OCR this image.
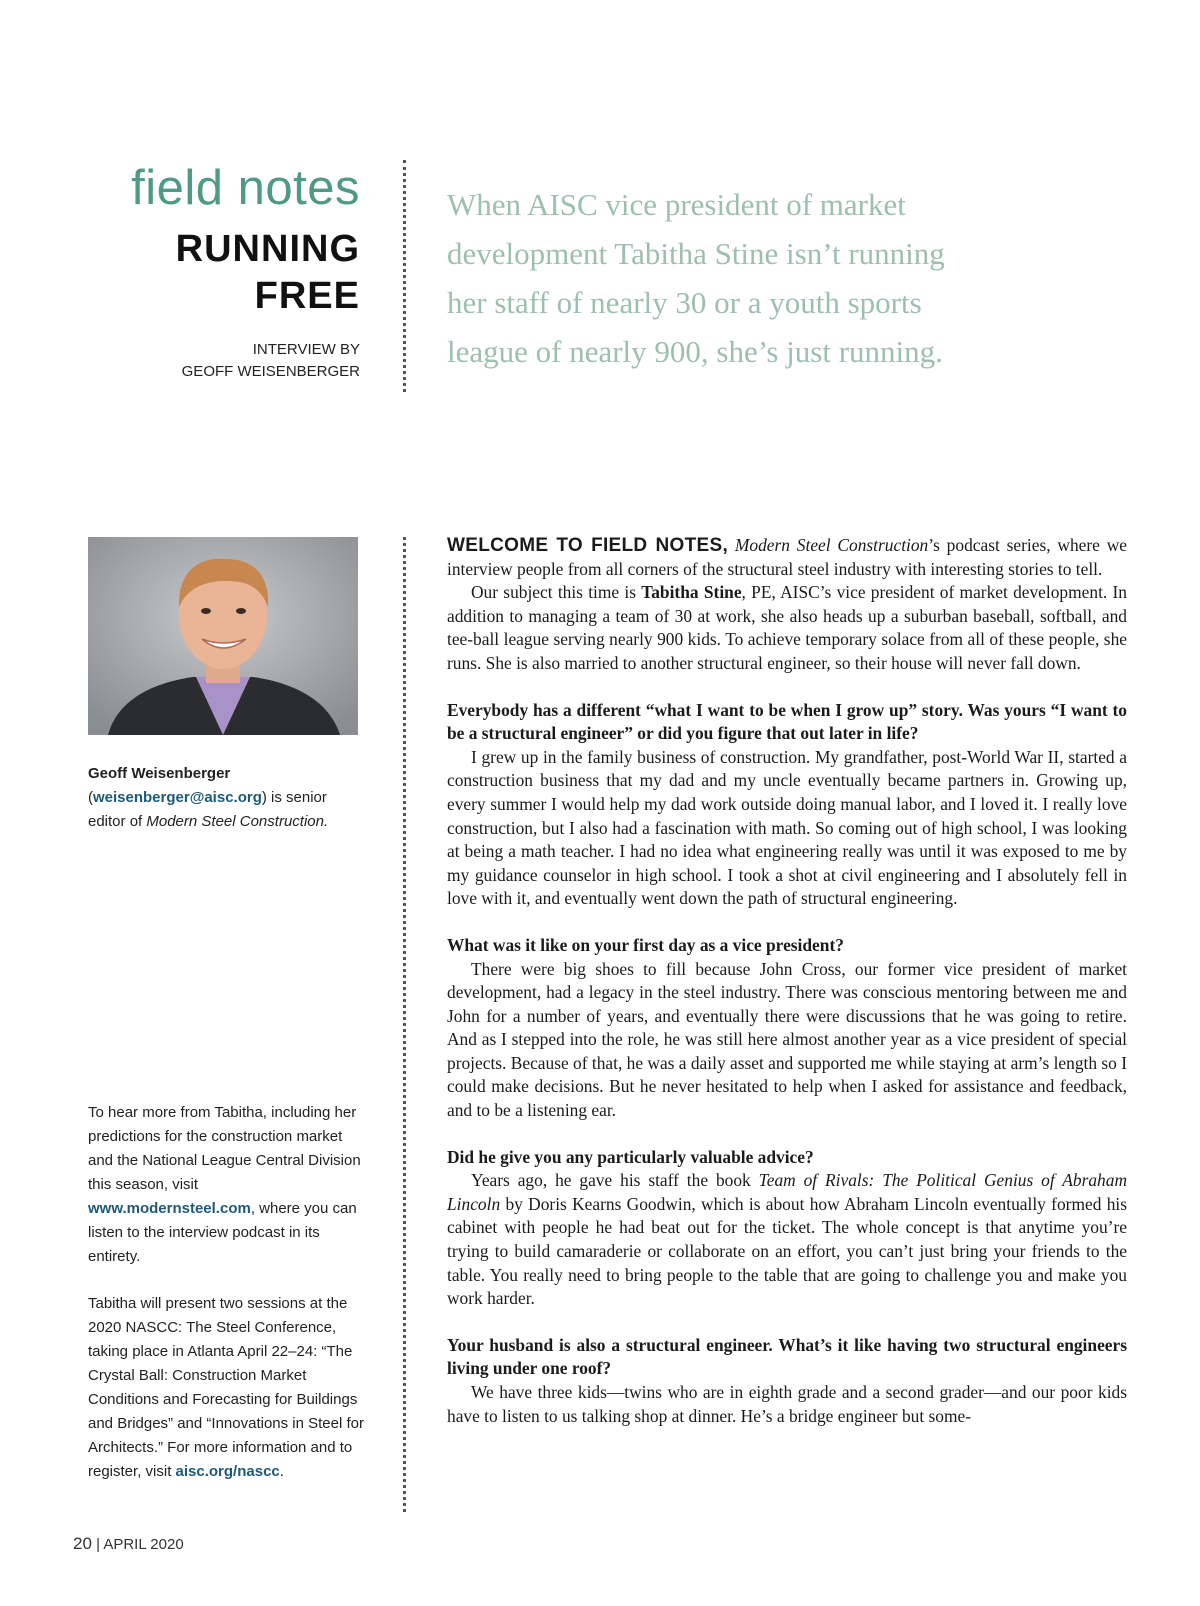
field notes
RUNNING
FREE
INTERVIEW BY
GEOFF WEISENBERGER
When AISC vice president of market development Tabitha Stine isn’t running her staff of nearly 30 or a youth sports league of nearly 900, she’s just running.
Geoff Weisenberger
(weisenberger@aisc.org) is senior editor of Modern Steel Construction.
To hear more from Tabitha, including her predictions for the construction market and the National League Central Division this season, visit www.modernsteel.com, where you can listen to the interview podcast in its entirety.
Tabitha will present two sessions at the 2020 NASCC: The Steel Conference, taking place in Atlanta April 22–24: “The Crystal Ball: Construction Market Conditions and Forecasting for Buildings and Bridges” and “Innovations in Steel for Architects.” For more information and to register, visit aisc.org/nascc.

WELCOME TO FIELD NOTES, Modern Steel Construction’s podcast series, where we interview people from all corners of the structural steel industry with interesting stories to tell.

Our subject this time is Tabitha Stine, PE, AISC’s vice president of market development. In addition to managing a team of 30 at work, she also heads up a suburban baseball, softball, and tee-ball league serving nearly 900 kids. To achieve temporary solace from all of these people, she runs. She is also married to another structural engineer, so their house will never fall down.

Everybody has a different “what I want to be when I grow up” story. Was yours “I want to be a structural engineer” or did you figure that out later in life?

I grew up in the family business of construction. My grandfather, post-World War II, started a construction business that my dad and my uncle eventually became partners in. Growing up, every summer I would help my dad work outside doing manual labor, and I loved it. I really love construction, but I also had a fascination with math. So coming out of high school, I was looking at being a math teacher. I had no idea what engineering really was until it was exposed to me by my guidance counselor in high school. I took a shot at civil engineering and I absolutely fell in love with it, and eventually went down the path of structural engineering.

What was it like on your first day as a vice president?

There were big shoes to fill because John Cross, our former vice president of market development, had a legacy in the steel industry. There was conscious mentoring between me and John for a number of years, and eventually there were discussions that he was going to retire. And as I stepped into the role, he was still here almost another year as a vice president of special projects. Because of that, he was a daily asset and supported me while staying at arm’s length so I could make decisions. But he never hesitated to help when I asked for assistance and feedback, and to be a listening ear.

Did he give you any particularly valuable advice?

Years ago, he gave his staff the book Team of Rivals: The Political Genius of Abraham Lincoln by Doris Kearns Goodwin, which is about how Abraham Lincoln eventually formed his cabinet with people he had beat out for the ticket. The whole concept is that anytime you’re trying to build camaraderie or collaborate on an effort, you can’t just bring your friends to the table. You really need to bring people to the table that are going to challenge you and make you work harder.

Your husband is also a structural engineer. What’s it like having two structural engineers living under one roof?

We have three kids—twins who are in eighth grade and a second grader—and our poor kids have to listen to us talking shop at dinner. He’s a bridge engineer but some-

20 | APRIL 2020
